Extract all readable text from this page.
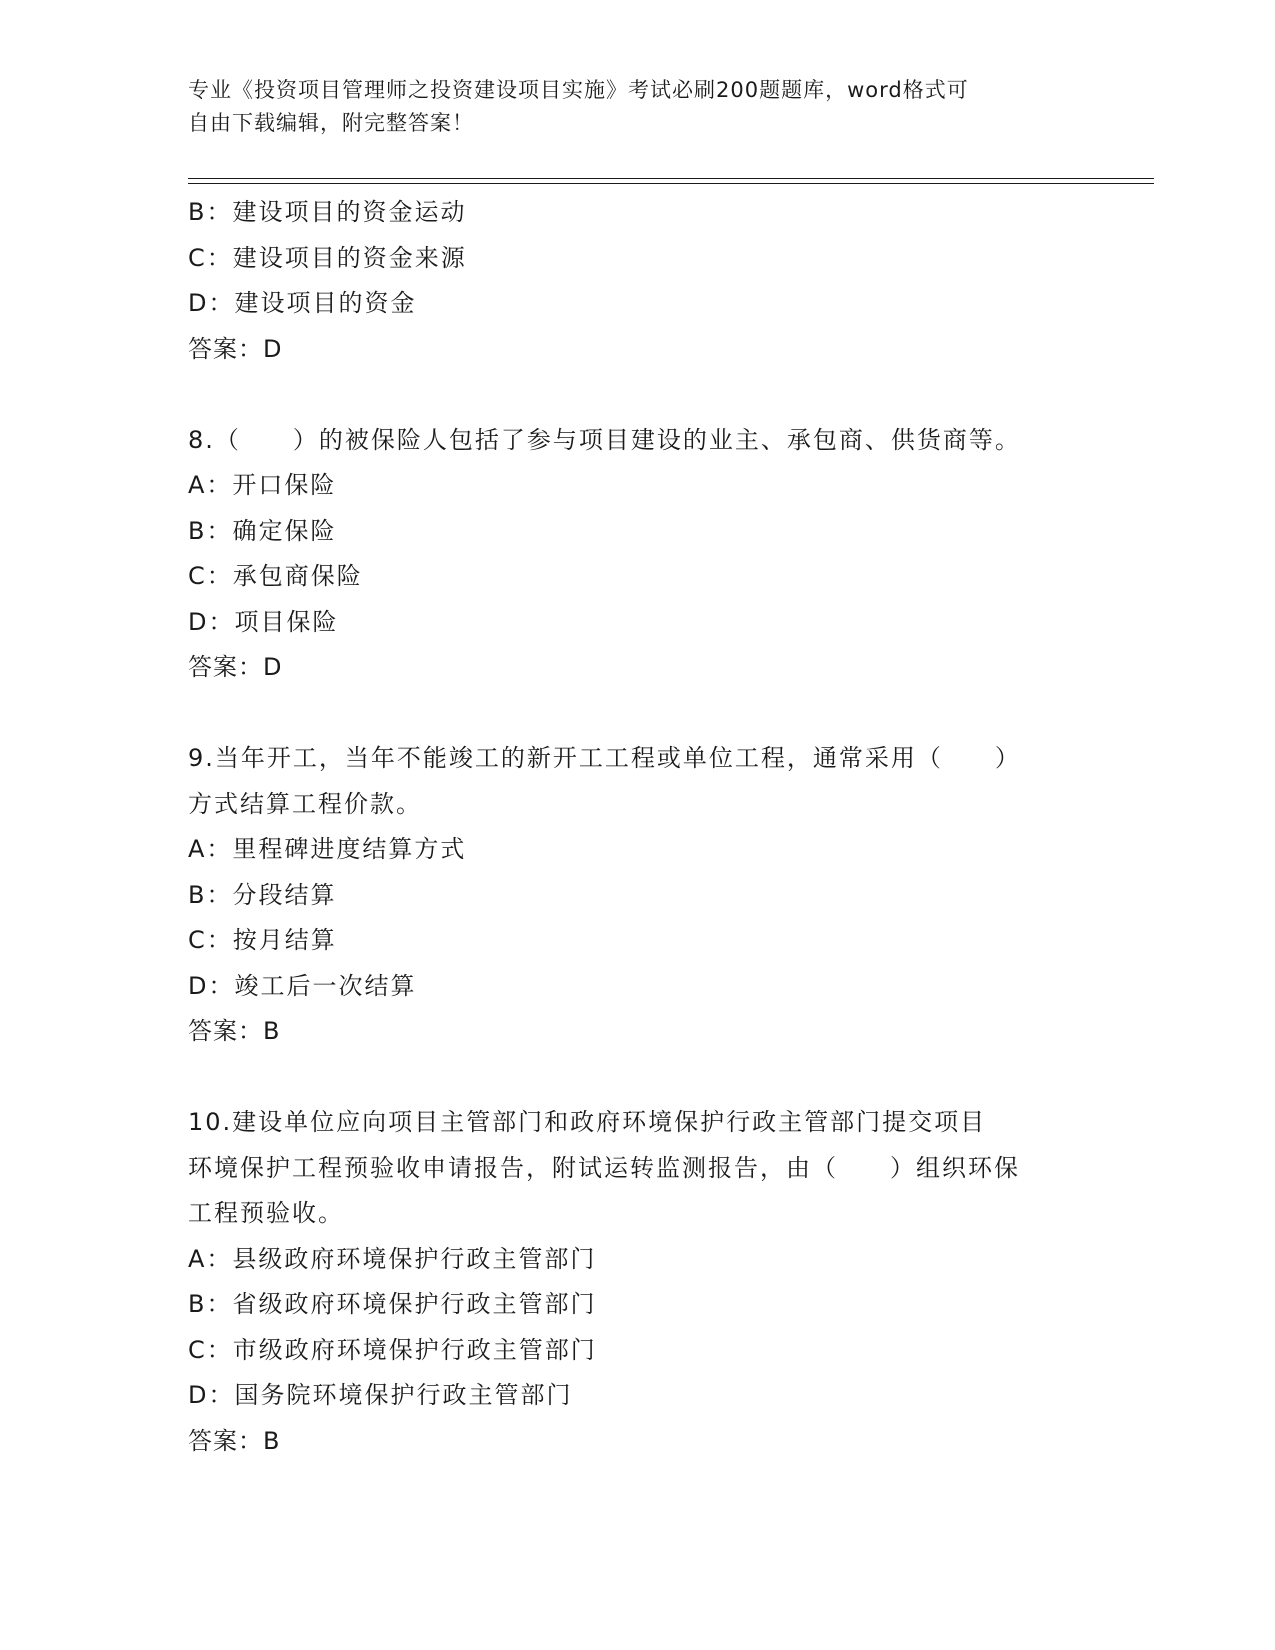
专业《投资项目管理师之投资建设项目实施》考试必刷200题题库，word格式可
自由下载编辑，附完整答案！
B：建设项目的资金运动
C：建设项目的资金来源
D：建设项目的资金
答案：D
8.（　　）的被保险人包括了参与项目建设的业主、承包商、供货商等。
A：开口保险
B：确定保险
C：承包商保险
D：项目保险
答案：D
9.当年开工，当年不能竣工的新开工工程或单位工程，通常采用（　　）
方式结算工程价款。
A：里程碑进度结算方式
B：分段结算
C：按月结算
D：竣工后一次结算
答案：B
10.建设单位应向项目主管部门和政府环境保护行政主管部门提交项目
环境保护工程预验收申请报告，附试运转监测报告，由（　　）组织环保
工程预验收。
A：县级政府环境保护行政主管部门
B：省级政府环境保护行政主管部门
C：市级政府环境保护行政主管部门
D：国务院环境保护行政主管部门
答案：B
